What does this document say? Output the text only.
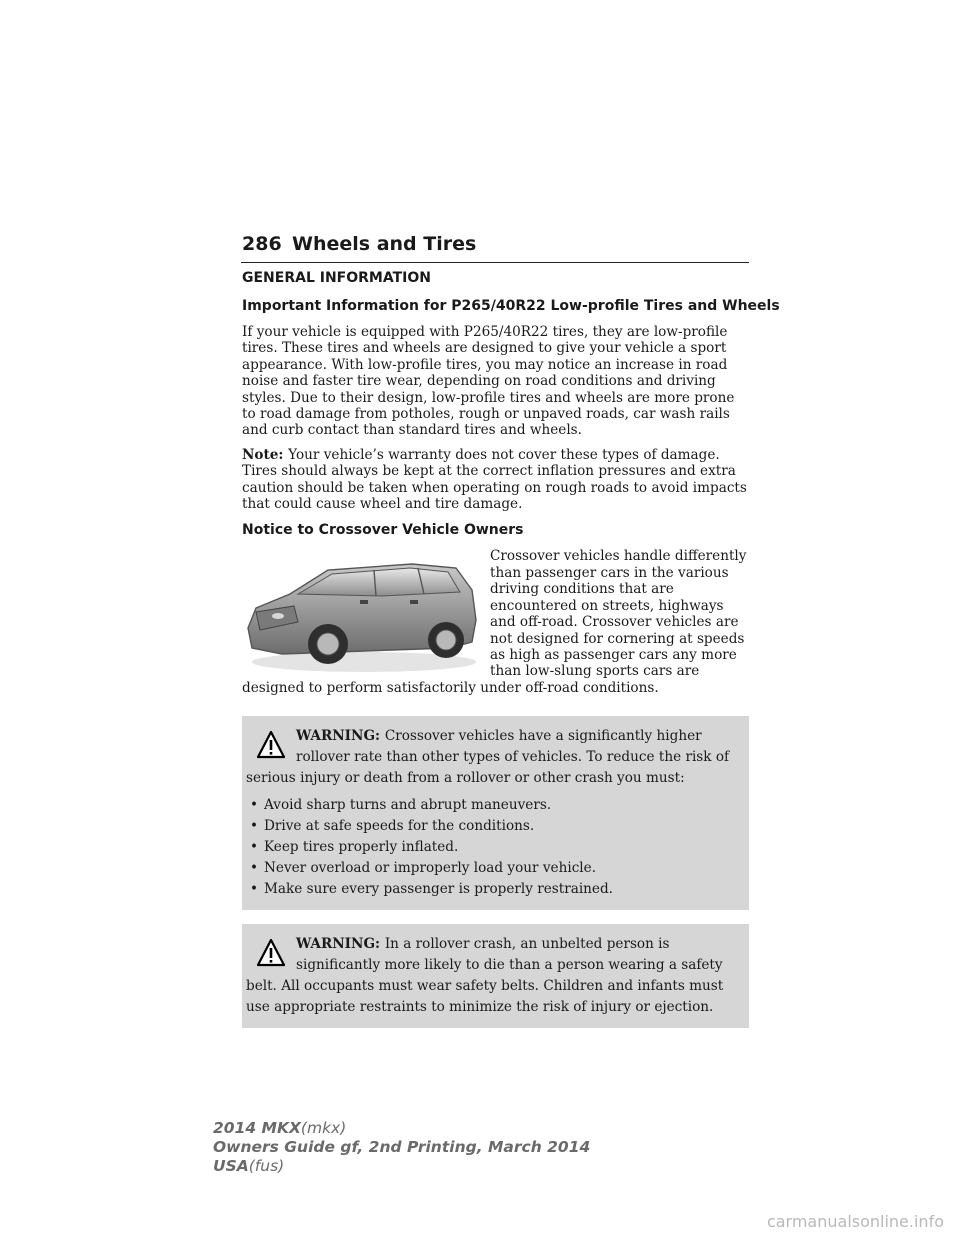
286 Wheels and Tires
GENERAL INFORMATION
Important Information for P265/40R22 Low-profile Tires and Wheels

If your vehicle is equipped with P265/40R22 tires, they are low-profile tires. These tires and wheels are designed to give your vehicle a sport appearance. With low-profile tires, you may notice an increase in road noise and faster tire wear, depending on road conditions and driving styles. Due to their design, low-profile tires and wheels are more prone to road damage from potholes, rough or unpaved roads, car wash rails and curb contact than standard tires and wheels.

Note: Your vehicle’s warranty does not cover these types of damage. Tires should always be kept at the correct inflation pressures and extra caution should be taken when operating on rough roads to avoid impacts that could cause wheel and tire damage.

Notice to Crossover Vehicle Owners

Crossover vehicles handle differently than passenger cars in the various driving conditions that are encountered on streets, highways and off-road. Crossover vehicles are not designed for cornering at speeds as high as passenger cars any more than low-slung sports cars are designed to perform satisfactorily under off-road conditions.

WARNING: Crossover vehicles have a significantly higher rollover rate than other types of vehicles. To reduce the risk of serious injury or death from a rollover or other crash you must:
• Avoid sharp turns and abrupt maneuvers.
• Drive at safe speeds for the conditions.
• Keep tires properly inflated.
• Never overload or improperly load your vehicle.
• Make sure every passenger is properly restrained.
WARNING: In a rollover crash, an unbelted person is significantly more likely to die than a person wearing a safety belt. All occupants must wear safety belts. Children and infants must use appropriate restraints to minimize the risk of injury or ejection.
2014 MKX(mkx)
Owners Guide gf, 2nd Printing, March 2014
USA(fus)
carmanualsonline.info
